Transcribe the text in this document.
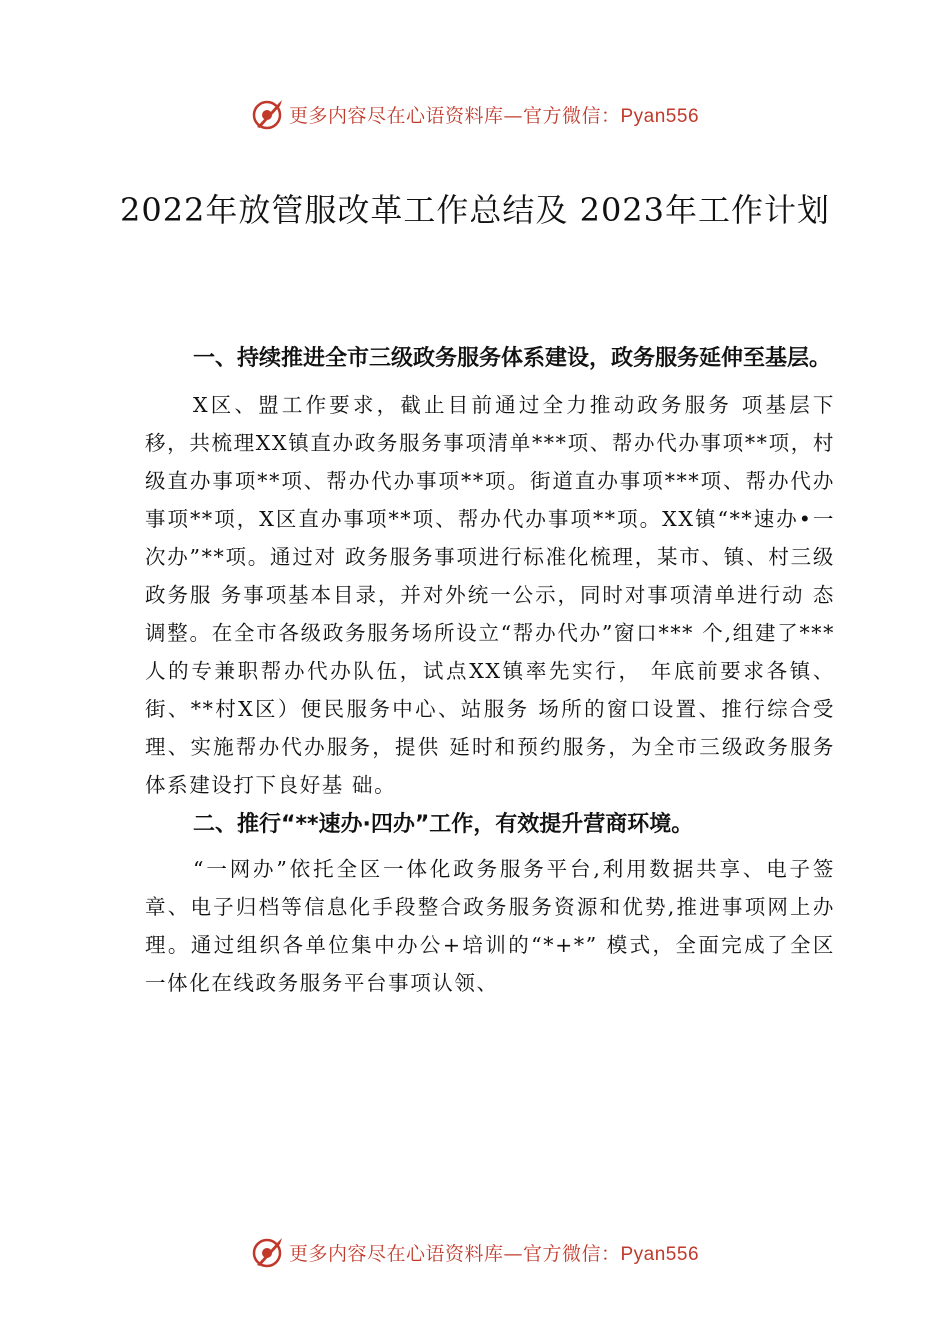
更多内容尽在心语资料库—官方微信：Pyan556
2022年放管服改革工作总结及 2023年工作计划

一、持续推进全市三级政务服务体系建设，政务服务延伸至基层。

X区、盟工作要求，截止目前通过全力推动政务服务 项基层下移，共梳理XX镇直办政务服务事项清单***项、帮办代办事项**项，村级直办事项**项、帮办代办事项**项。街道直办事项***项、帮办代办事项**项，X区直办事项**项、帮办代办事项**项。XX镇“**速办•一次办”**项。通过对 政务服务事项进行标准化梳理，某市、镇、村三级政务服 务事项基本目录，并对外统一公示，同时对事项清单进行动 态调整。在全市各级政务服务场所设立“帮办代办”窗口*** 个,组建了***人的专兼职帮办代办队伍，试点XX镇率先实行， 年底前要求各镇、街、**村X区）便民服务中心、站服务 场所的窗口设置、推行综合受理、实施帮办代办服务，提供 延时和预约服务，为全市三级政务服务体系建设打下良好基 础。

二、推行“**速办·四办”工作，有效提升营商环境。

“一网办”依托全区一体化政务服务平台,利用数据共享、电子签章、电子归档等信息化手段整合政务服务资源和优势,推进事项网上办理。通过组织各单位集中办公+培训的“*+*” 模式，全面完成了全区一体化在线政务服务平台事项认领、

更多内容尽在心语资料库—官方微信：Pyan556
